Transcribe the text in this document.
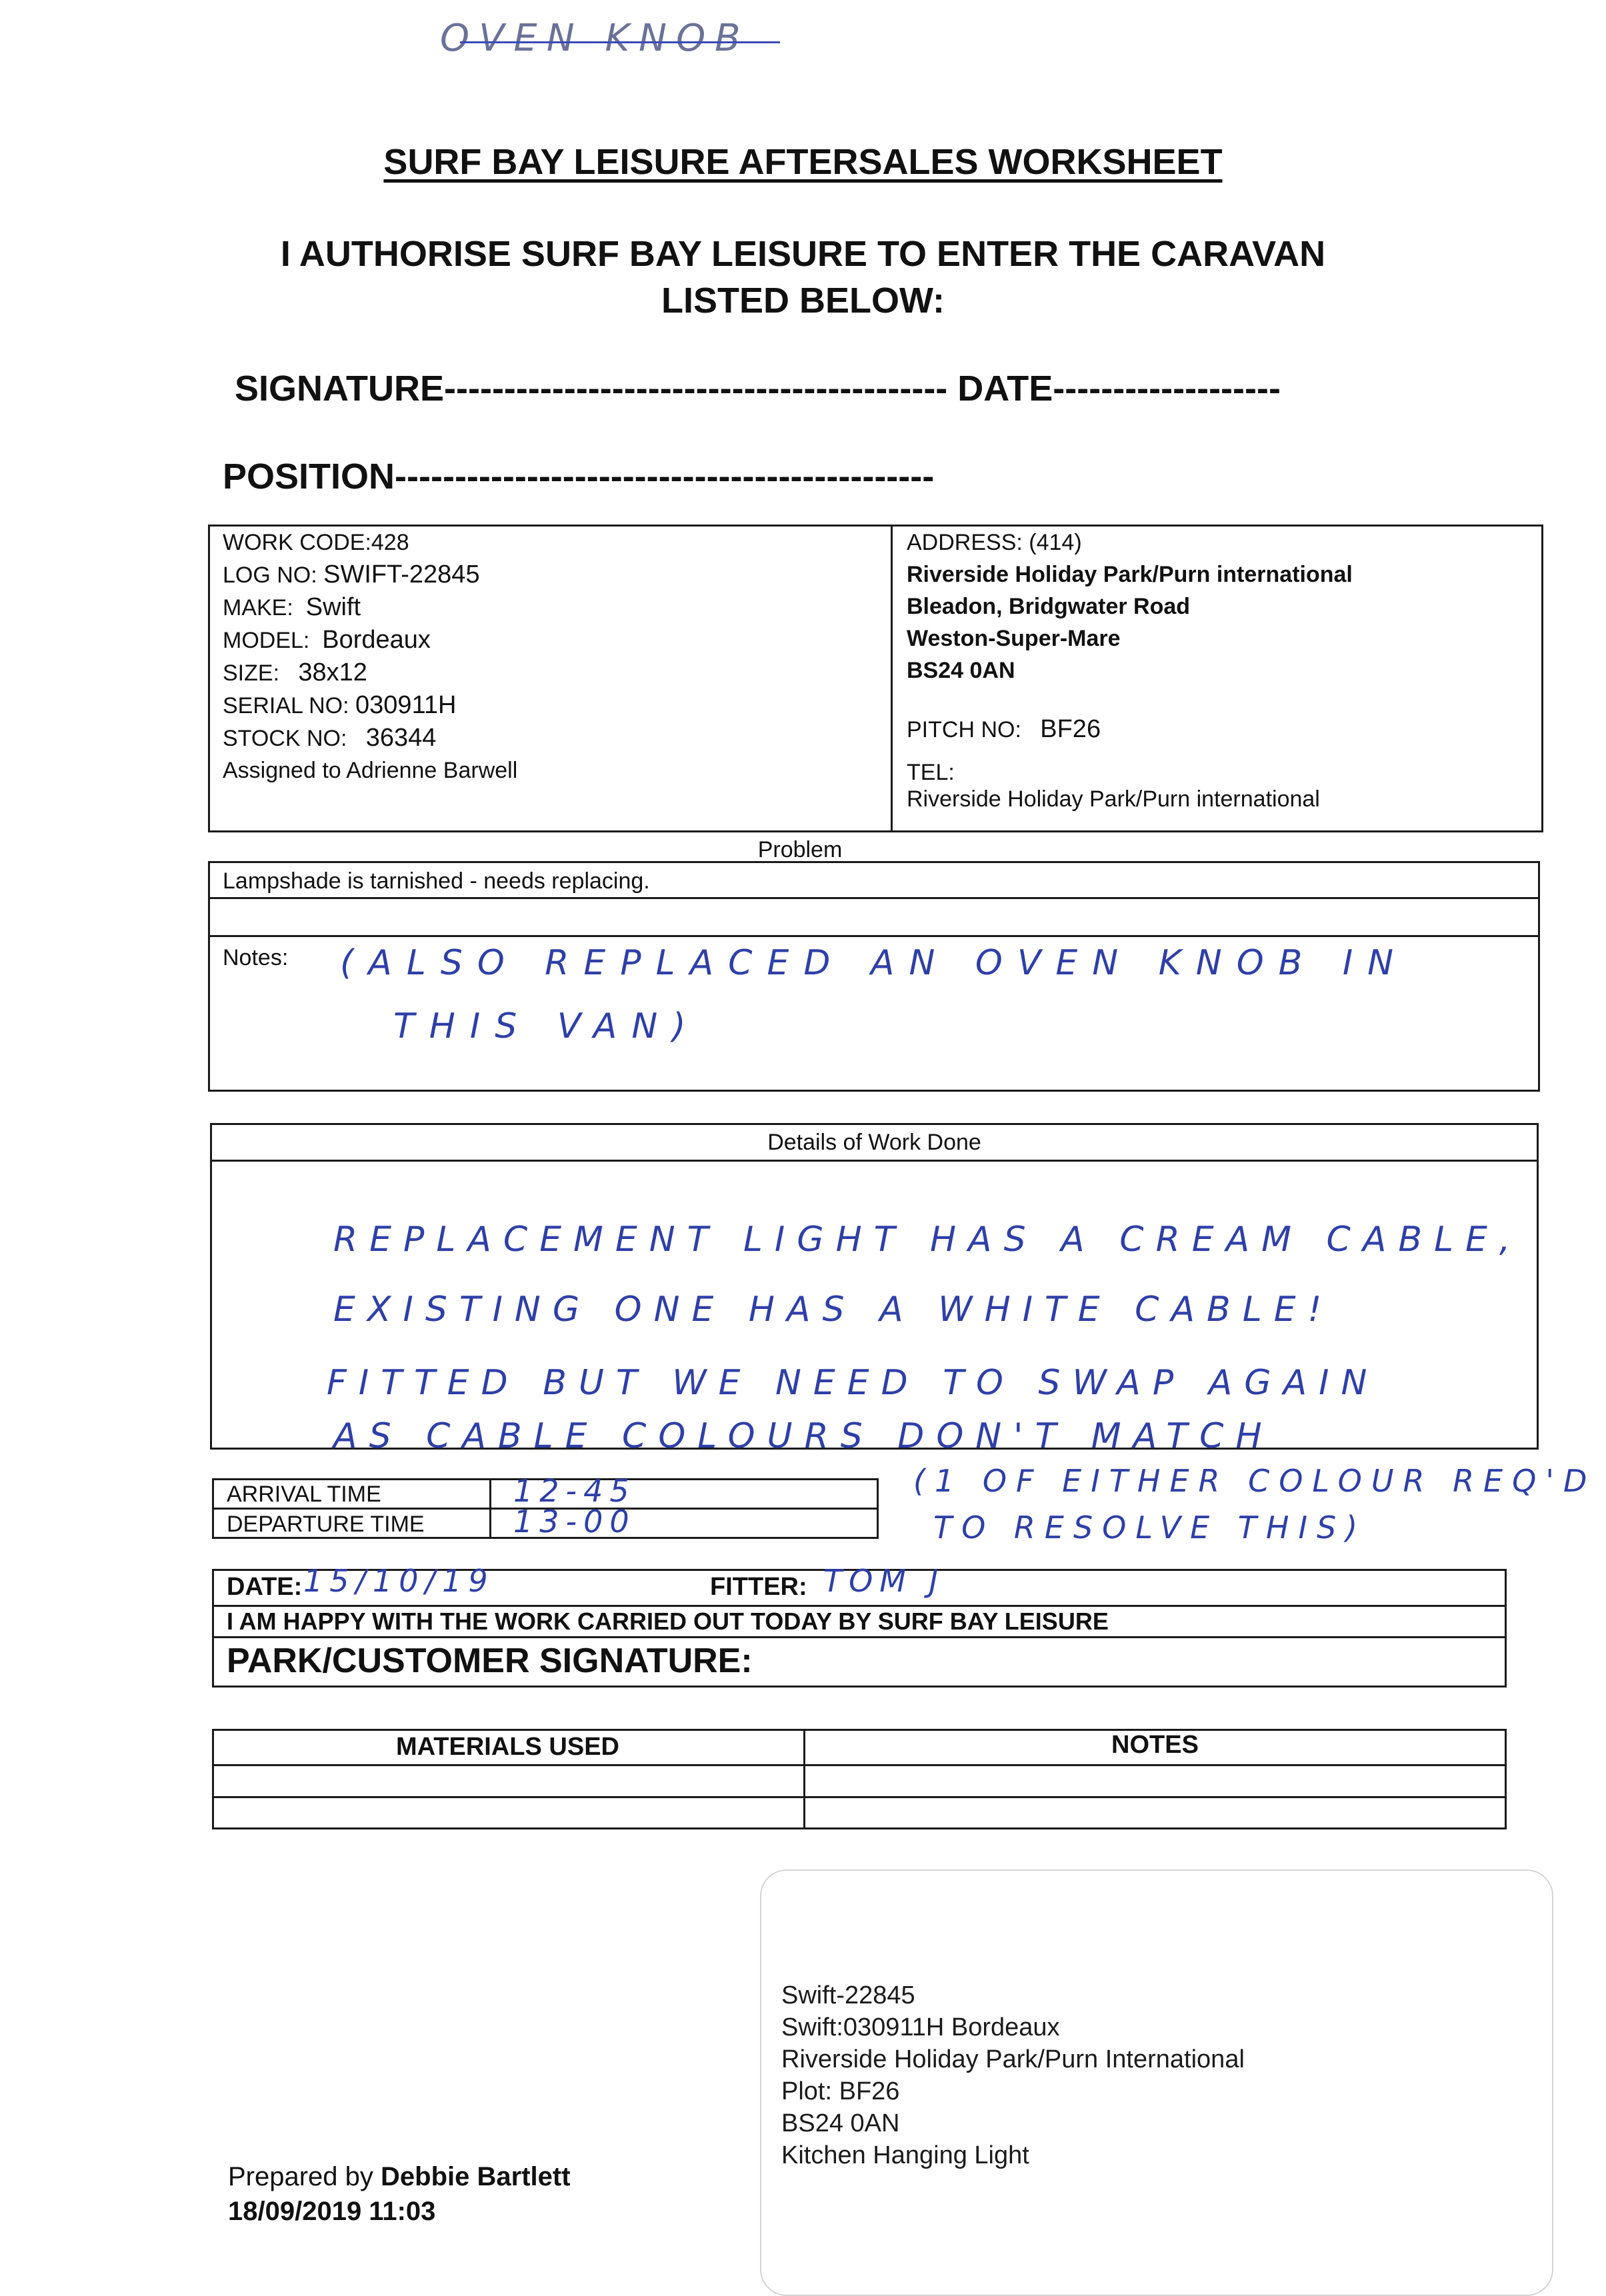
OVEN KNOB
SURF BAY LEISURE AFTERSALES WORKSHEET
I AUTHORISE SURF BAY LEISURE TO ENTER THE CARAVAN
LISTED BELOW:
SIGNATURE------------------------------------------ DATE-------------------
POSITION---------------------------------------------
WORK CODE:428
LOG NO: SWIFT-22845
MAKE: Swift
MODEL: Bordeaux
SIZE: 38x12
SERIAL NO: 030911H
STOCK NO: 36344
Assigned to Adrienne Barwell
ADDRESS: (414)
Riverside Holiday Park/Purn international
Bleadon, Bridgwater Road
Weston-Super-Mare
BS24 0AN
PITCH NO: BF26
TEL:
Riverside Holiday Park/Purn international
Problem
Lampshade is tarnished - needs replacing.
Notes: (ALSO REPLACED AN OVEN KNOB IN
THIS VAN)
Details of Work Done
REPLACEMENT LIGHT HAS A CREAM CABLE,
EXISTING ONE HAS A WHITE CABLE!
FITTED BUT WE NEED TO SWAP AGAIN
AS CABLE COLOURS DON'T MATCH
(1 OF EITHER COLOUR REQ'D
TO RESOLVE THIS)
ARRIVAL TIME
DEPARTURE TIME
12-45
13-00
DATE: 15/10/19	FITTER: TOM J
I AM HAPPY WITH THE WORK CARRIED OUT TODAY BY SURF BAY LEISURE
PARK/CUSTOMER SIGNATURE:
MATERIALS USED	NOTES
Swift-22845
Swift:030911H Bordeaux
Riverside Holiday Park/Purn International
Plot: BF26
BS24 0AN
Kitchen Hanging Light
Prepared by Debbie Bartlett
18/09/2019 11:03
